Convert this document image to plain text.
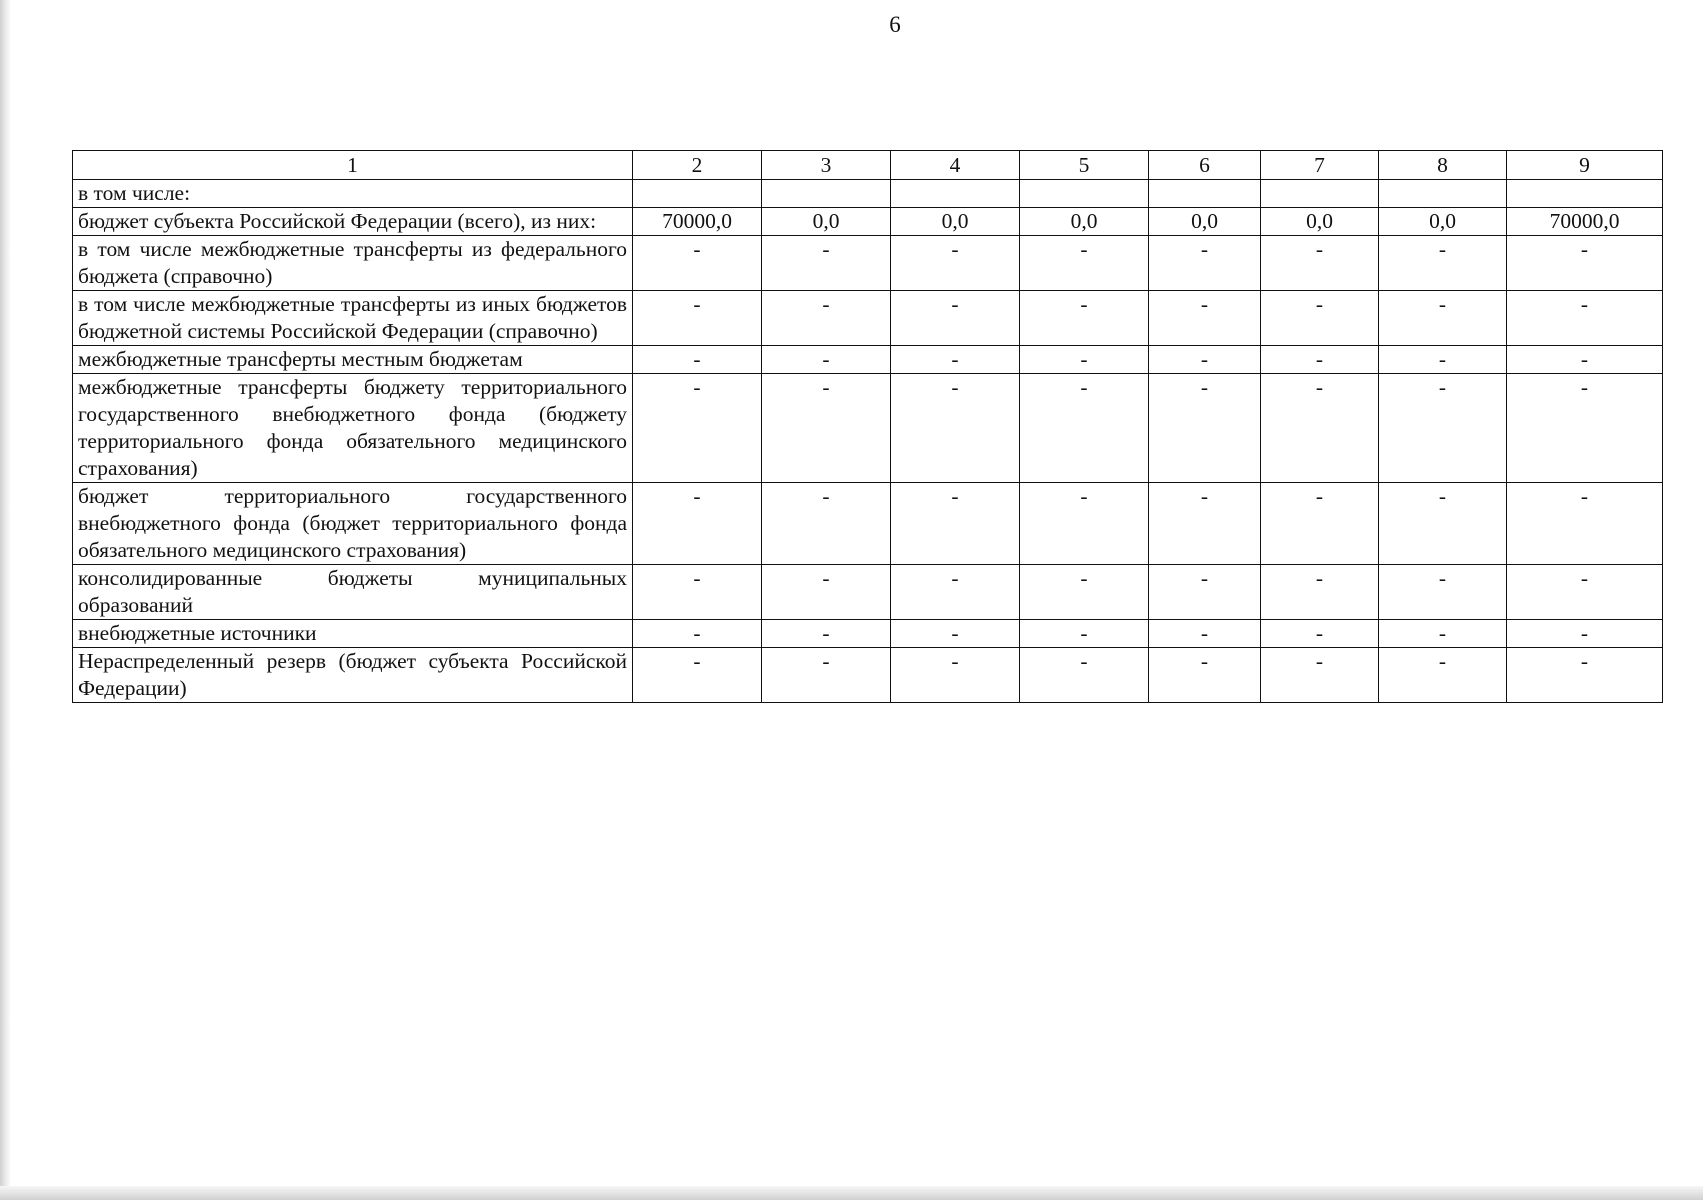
6
1	2	3	4	5	6	7	8	9
в том числе:								
бюджет субъекта Российской Федерации (всего), из них:	70000,0	0,0	0,0	0,0	0,0	0,0	0,0	70000,0
в том числе межбюджетные трансферты из федерального бюджета (справочно)	-	-	-	-	-	-	-	-
в том числе межбюджетные трансферты из иных бюджетов бюджетной системы Российской Федерации (справочно)	-	-	-	-	-	-	-	-
межбюджетные трансферты местным бюджетам	-	-	-	-	-	-	-	-
межбюджетные трансферты бюджету территориального государственного внебюджетного фонда (бюджету территориального фонда обязательного медицинского страхования)	-	-	-	-	-	-	-	-
бюджет территориального государственного внебюджетного фонда (бюджет территориального фонда обязательного медицинского страхования)	-	-	-	-	-	-	-	-
консолидированные бюджеты муниципальных образований	-	-	-	-	-	-	-	-
внебюджетные источники	-	-	-	-	-	-	-	-
Нераспределенный резерв (бюджет субъекта Российской Федерации)	-	-	-	-	-	-	-	-
